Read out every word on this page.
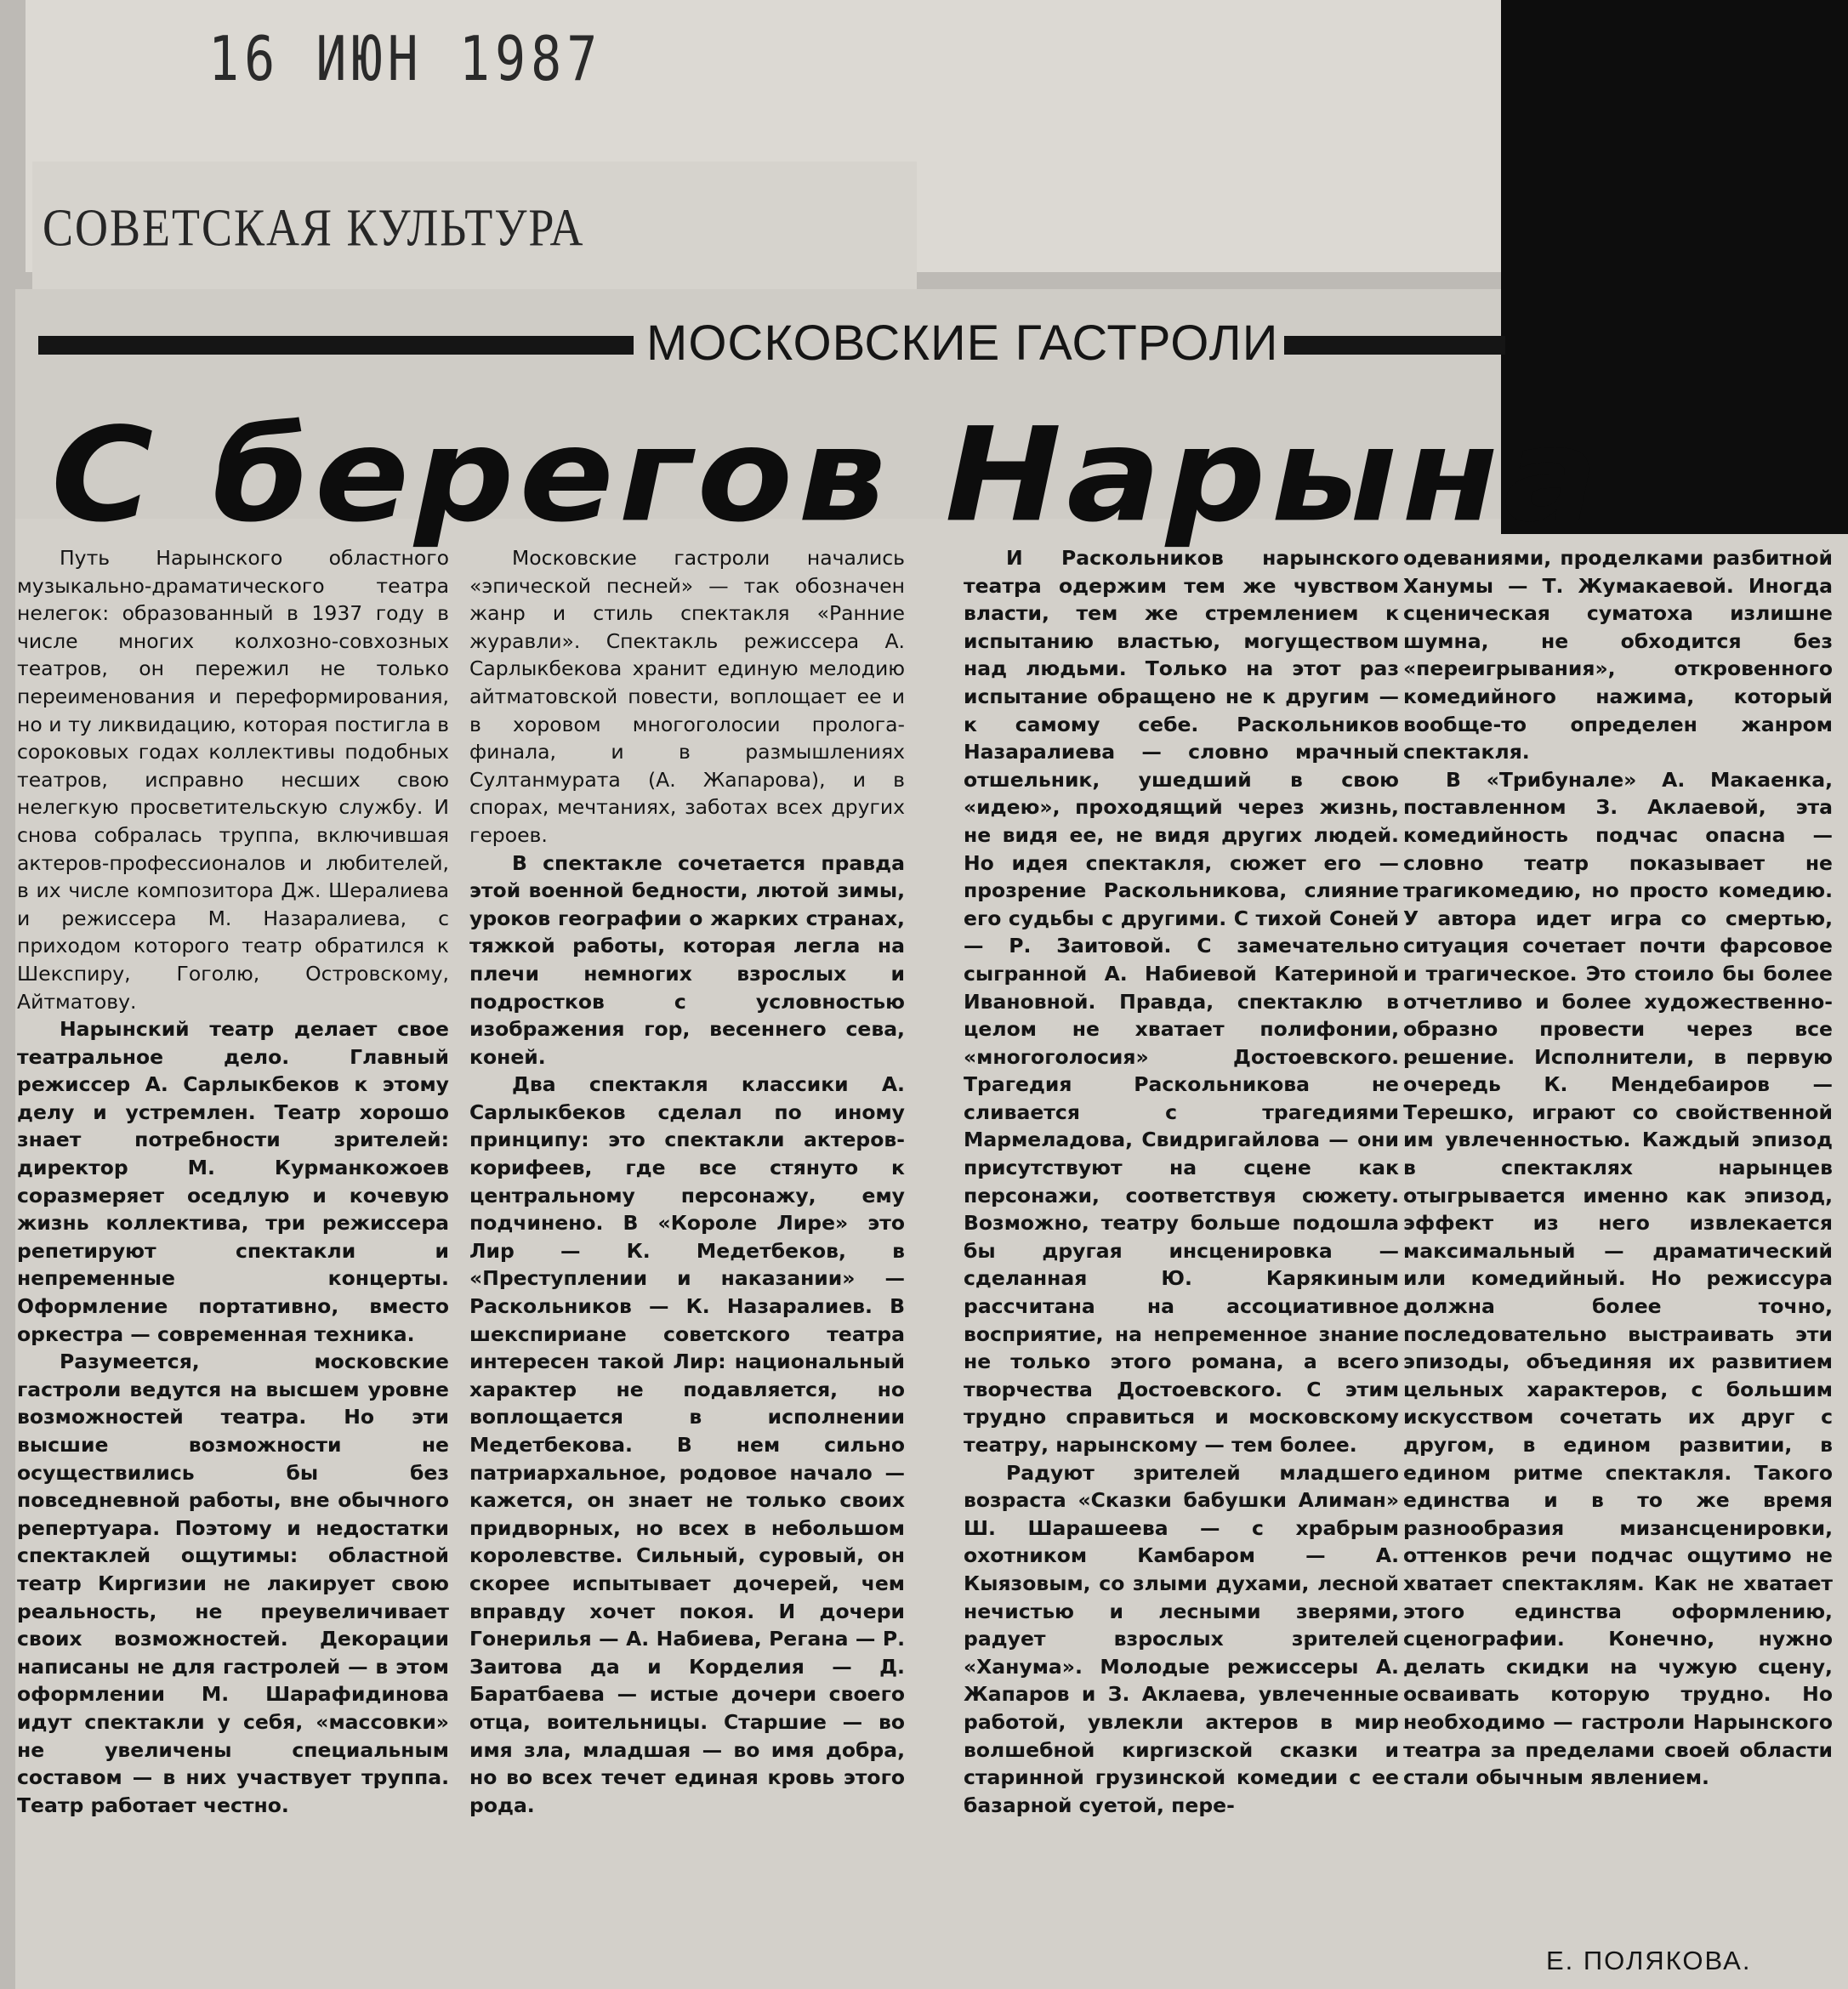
16 ИЮН 1987
СОВЕТСКАЯ КУЛЬТУРА
МОСКОВСКИЕ ГАСТРОЛИ
С берегов Нарына

Путь Нарынского областного музыкально-драматического театра нелегок: образованный в 1937 году в числе многих колхозно-совхозных театров, он пережил не только переименования и переформирования, но и ту ликвидацию, которая постигла в сороковых годах коллективы подобных театров, исправно несших свою нелегкую просветительскую службу. И снова собралась труппа, включившая актеров-профессионалов и любителей, в их числе композитора Дж. Шералиева и режиссера М. Назаралиева, с приходом которого театр обратился к Шекспиру, Гоголю, Островскому, Айтматову.

Нарынский театр делает свое театральное дело. Главный режиссер А. Сарлыкбеков к этому делу и устремлен. Театр хорошо знает потребности зрителей: директор М. Курманкожоев соразмеряет оседлую и кочевую жизнь коллектива, три режиссера репетируют спектакли и непременные концерты. Оформление портативно, вместо оркестра — современная техника.

Разумеется, московские гастроли ведутся на высшем уровне возможностей театра. Но эти высшие возможности не осуществились бы без повседневной работы, вне обычного репертуара. Поэтому и недостатки спектаклей ощутимы: областной театр Киргизии не лакирует свою реальность, не преувеличивает своих возможностей. Декорации написаны не для гастролей — в этом оформлении М. Шарафидинова идут спектакли у себя, «массовки» не увеличены специальным составом — в них участвует труппа. Театр работает честно.

Московские гастроли начались «эпической песней» — так обозначен жанр и стиль спектакля «Ранние журавли». Спектакль режиссера А. Сарлыкбекова хранит единую мелодию айтматовской повести, воплощает ее и в хоровом многоголосии пролога-финала, и в размышлениях Султанмурата (А. Жапарова), и в спорах, мечтаниях, заботах всех других героев.

В спектакле сочетается правда этой военной бедности, лютой зимы, уроков географии о жарких странах, тяжкой работы, которая легла на плечи немногих взрослых и подростков с условностью изображения гор, весеннего сева, коней.

Два спектакля классики А. Сарлыкбеков сделал по иному принципу: это спектакли актеров-корифеев, где все стянуто к центральному персонажу, ему подчинено. В «Короле Лире» это Лир — К. Медетбеков, в «Преступлении и наказании» — Раскольников — К. Назаралиев. В шекспириане советского театра интересен такой Лир: национальный характер не подавляется, но воплощается в исполнении Медетбекова. В нем сильно патриархальное, родовое начало — кажется, он знает не только своих придворных, но всех в небольшом королевстве. Сильный, суровый, он скорее испытывает дочерей, чем вправду хочет покоя. И дочери Гонерилья — А. Набиева, Регана — Р. Заитова да и Корделия — Д. Баратбаева — истые дочери своего отца, воительницы. Старшие — во имя зла, младшая — во имя добра, но во всех течет единая кровь этого рода.

И Раскольников нарынского театра одержим тем же чувством власти, тем же стремлением к испытанию властью, могуществом над людьми. Только на этот раз испытание обращено не к другим — к самому себе. Раскольников Назаралиева — словно мрачный отшельник, ушедший в свою «идею», проходящий через жизнь, не видя ее, не видя других людей. Но идея спектакля, сюжет его — прозрение Раскольникова, слияние его судьбы с другими. С тихой Соней — Р. Заитовой. С замечательно сыгранной А. Набиевой Катериной Ивановной. Правда, спектаклю в целом не хватает полифонии, «многоголосия» Достоевского. Трагедия Раскольникова не сливается с трагедиями Мармеладова, Свидригайлова — они присутствуют на сцене как персонажи, соответствуя сюжету. Возможно, театру больше подошла бы другая инсценировка — сделанная Ю. Карякиным рассчитана на ассоциативное восприятие, на непременное знание не только этого романа, а всего творчества Достоевского. С этим трудно справиться и московскому театру, нарынскому — тем более.

Радуют зрителей младшего возраста «Сказки бабушки Алиман» Ш. Шарашеева — с храбрым охотником Камбаром — А. Кыязовым, со злыми духами, лесной нечистью и лесными зверями, радует взрослых зрителей «Ханума». Молодые режиссеры А. Жапаров и З. Аклаева, увлеченные работой, увлекли актеров в мир волшебной киргизской сказки и старинной грузинской комедии с ее базарной суетой, пере-

одеваниями, проделками разбитной Ханумы — Т. Жумакаевой. Иногда сценическая суматоха излишне шумна, не обходится без «переигрывания», откровенного комедийного нажима, который вообще-то определен жанром спектакля.

В «Трибунале» А. Макаенка, поставленном З. Аклаевой, эта комедийность подчас опасна — словно театр показывает не трагикомедию, но просто комедию. У автора идет игра со смертью, ситуация сочетает почти фарсовое и трагическое. Это стоило бы более отчетливо и более художественно-образно провести через все решение. Исполнители, в первую очередь К. Мендебаиров — Терешко, играют со свойственной им увлеченностью. Каждый эпизод в спектаклях нарынцев отыгрывается именно как эпизод, эффект из него извлекается максимальный — драматический или комедийный. Но режиссура должна более точно, последовательно выстраивать эти эпизоды, объединяя их развитием цельных характеров, с большим искусством сочетать их друг с другом, в едином развитии, в едином ритме спектакля. Такого единства и в то же время разнообразия мизансценировки, оттенков речи подчас ощутимо не хватает спектаклям. Как не хватает этого единства оформлению, сценографии. Конечно, нужно делать скидки на чужую сцену, осваивать которую трудно. Но необходимо — гастроли Нарынского театра за пределами своей области стали обычным явлением.

Е. ПОЛЯКОВА.
